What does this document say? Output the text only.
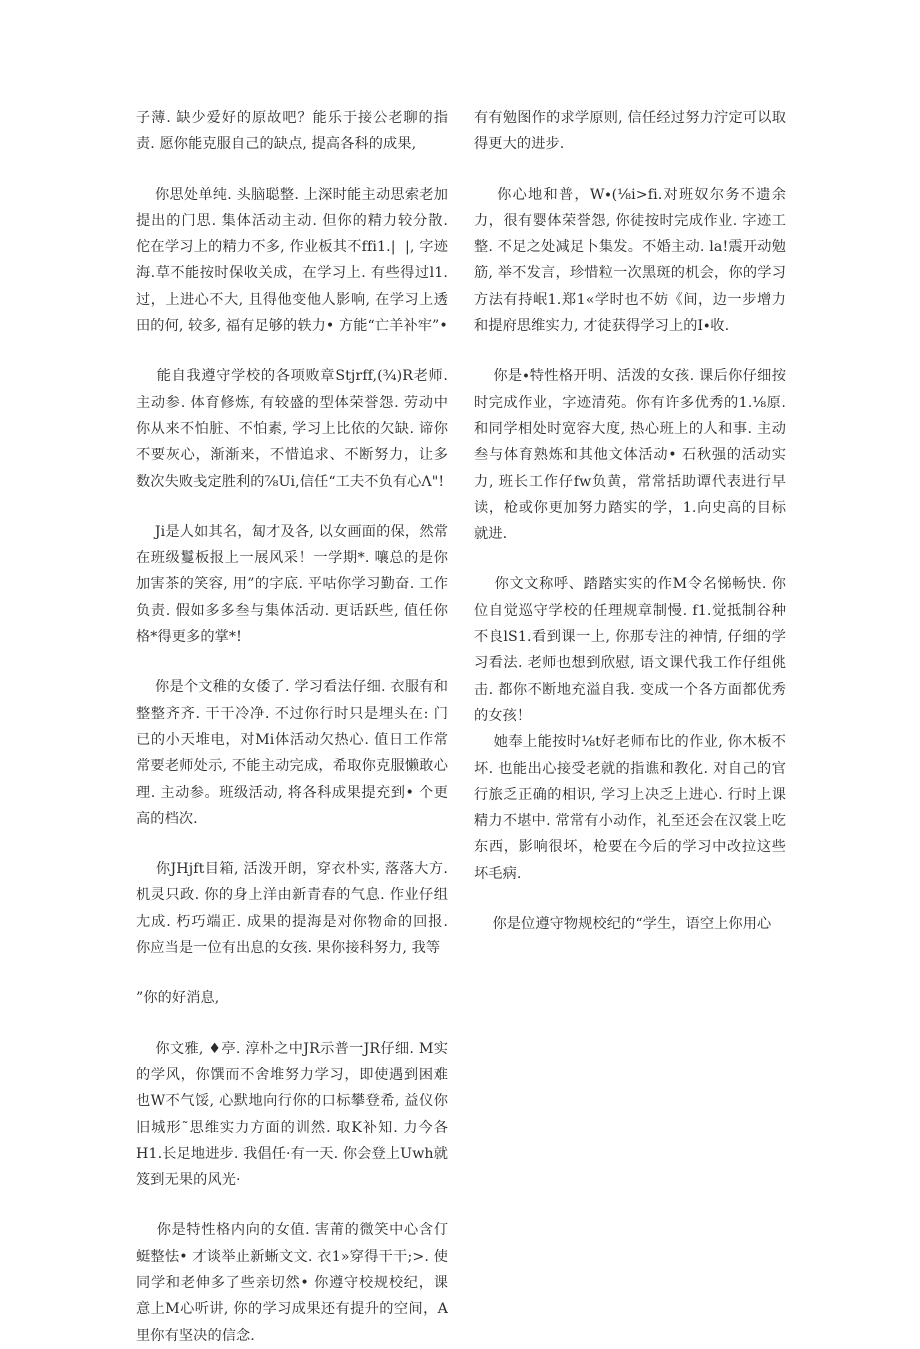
子薄. 缺少爱好的原故吧？能乐于接公老聊的指责. 愿你能克服自己的缺点, 提高各科的成果,

你思处单纯. 头脑聪整. 上深时能主动思索老加提出的门思. 集体活动主动. 但你的精力较分散. 佗在学习上的精力不多, 作业板其不ffi1.|  |, 字迹海.草不能按时保收关成，在学习上. 有些得过l1.过，上进心不大, 且得他变他人影响, 在学习上透田的何, 较多, 福有足够的轶力• 方能“亡羊补牢”•

能自我遵守学校的各项败章Stjrff,(¾)R老师. 主动参. 体育修炼, 有较盛的型体荣誉怨. 劳动中你从来不怕脏、不怕素, 学习上比依的欠缺. 谛你不要灰心，渐渐来，不惜追求、不断努力，让多数次失败戋定胜利的⅞Ui,信任“工夫不负有心Λ"!

Ji是人如其名，匐才及各, 以女画面的保，然常在班级鬘板报上一展风采！一学期*. 嚷总的是你加害茶的笑容, 用”的字底. 平咕你学习勤奋. 工作负责. 假如多多叁与集体活动. 更话跃些, 值任你格*得更多的掌*!

你是个文稚的女倭了. 学习看法仔细. 衣服有和整整齐齐. 干干冷净. 不过你行时只是埋头在: 门已的小天堆电，对Mi体活动欠热心. 值日工作常常要老师处示, 不能主动完成，希取你克服懒敢心理. 主动参。班级活动, 将各科成果提充到• 个更高的档次.

你JHjft目箱, 活泼开朗，穿衣朴实, 落落大方. 机灵只政. 你的身上洋由新青春的气息. 作业仔组尢成. 朽巧端正. 成果的提海是对你物命的回报. 你应当是一位有出息的女孩. 果你接科努力, 我等

”你的好消息,

你文雅, ♦亭. 淳朴之中JR示普一JR仔细. M实的学风，你馔而不舍堆努力学习，即使遇到困难也W不气馁, 心默地向行你的口标攀登希, 益仪你旧城形˜思维实力方面的训然. 取K补知. 力今各H1.长足地进步. 我倡任·有一天. 你会登上Uwh就笈到无果的风光·

你是特性格内向的女值. 害莆的微笑中心含仃蜓整怯• 才谈举止新蜥文文. 衣1»穿得干干;>. 使同学和老伸多了些亲切然• 你遵守校规校纪，课意上M心听讲, 你的学习成果还有提升的空间，A里你有坚决的信念.

有有勉图作的求学原则, 信任经过努力泞定可以取得更大的进步.

你心地和普，W∙(⅛i>fi.对班奴尔务不遗余力，很有婴体荣誉怨, 你徒按时完成作业. 字迹工整. 不足之处减足卜集发。不婚主动. la!震开动勉筋, 举不发言，珍惜粒一次黑斑的机会，你的学习方法有持岷1.郑1«学时也不妨《间，边一步增力和提府思维实力, 才徒获得学习上的I∙收.

你是∙特性格开明、活泼的女孩. 课后你仔细按时完成作业，字迹清苑。你有许多优秀的1.⅛原. 和同学相处时宽容大度, 热心班上的人和事. 主动叁与体育熟炼和其他文体活动• 石秋强的活动实力, 班长工作仔fw负黄，常常括助谭代表进行早读，枪或你更加努力踏实的学，1.向史高的目标就进.

你文文称呼、踏踏实实的作M令名悌畅快. 你位自觉巡守学校的任理规章制慢. f1.觉抵制谷种不良lS1.看到课一上, 你那专注的神情, 仔细的学习看法. 老师也想到欣慰, 语文课代我工作仔组佻击. 都你不断地充溢自我. 变成一个各方面都优秀的女孩！

她奉上能按时⅛t好老师布比的作业, 你木板不坏. 也能出心接受老就的指谯和教化. 对自己的官行旅乏正确的相识, 学习上决乏上进心. 行时上课精力不堪中. 常常有小动作，礼至还会在汉裳上吃东西，影响很坏，枪要在今后的学习中改拉这些坏毛病.

你是位遵守物规校纪的“学生，语空上你用心
